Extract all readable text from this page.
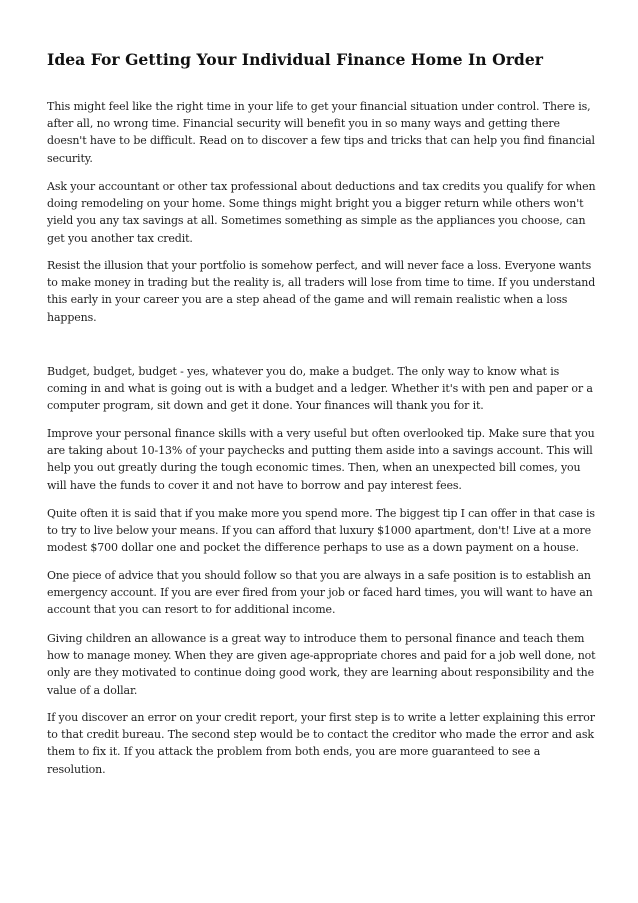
Idea For Getting Your Individual Finance Home In Order

This might feel like the right time in your life to get your financial situation under control. There is,
after all, no wrong time. Financial security will benefit you in so many ways and getting there
doesn't have to be difficult. Read on to discover a few tips and tricks that can help you find financial
security.

Ask your accountant or other tax professional about deductions and tax credits you qualify for when
doing remodeling on your home. Some things might bright you a bigger return while others won't
yield you any tax savings at all. Sometimes something as simple as the appliances you choose, can
get you another tax credit.

Resist the illusion that your portfolio is somehow perfect, and will never face a loss. Everyone wants
to make money in trading but the reality is, all traders will lose from time to time. If you understand
this early in your career you are a step ahead of the game and will remain realistic when a loss
happens.

Budget, budget, budget - yes, whatever you do, make a budget. The only way to know what is
coming in and what is going out is with a budget and a ledger. Whether it's with pen and paper or a
computer program, sit down and get it done. Your finances will thank you for it.

Improve your personal finance skills with a very useful but often overlooked tip. Make sure that you
are taking about 10-13% of your paychecks and putting them aside into a savings account. This will
help you out greatly during the tough economic times. Then, when an unexpected bill comes, you
will have the funds to cover it and not have to borrow and pay interest fees.

Quite often it is said that if you make more you spend more. The biggest tip I can offer in that case is
to try to live below your means. If you can afford that luxury $1000 apartment, don't! Live at a more
modest $700 dollar one and pocket the difference perhaps to use as a down payment on a house.

One piece of advice that you should follow so that you are always in a safe position is to establish an
emergency account. If you are ever fired from your job or faced hard times, you will want to have an
account that you can resort to for additional income.

Giving children an allowance is a great way to introduce them to personal finance and teach them
how to manage money. When they are given age-appropriate chores and paid for a job well done, not
only are they motivated to continue doing good work, they are learning about responsibility and the
value of a dollar.

If you discover an error on your credit report, your first step is to write a letter explaining this error
to that credit bureau. The second step would be to contact the creditor who made the error and ask
them to fix it. If you attack the problem from both ends, you are more guaranteed to see a
resolution.
